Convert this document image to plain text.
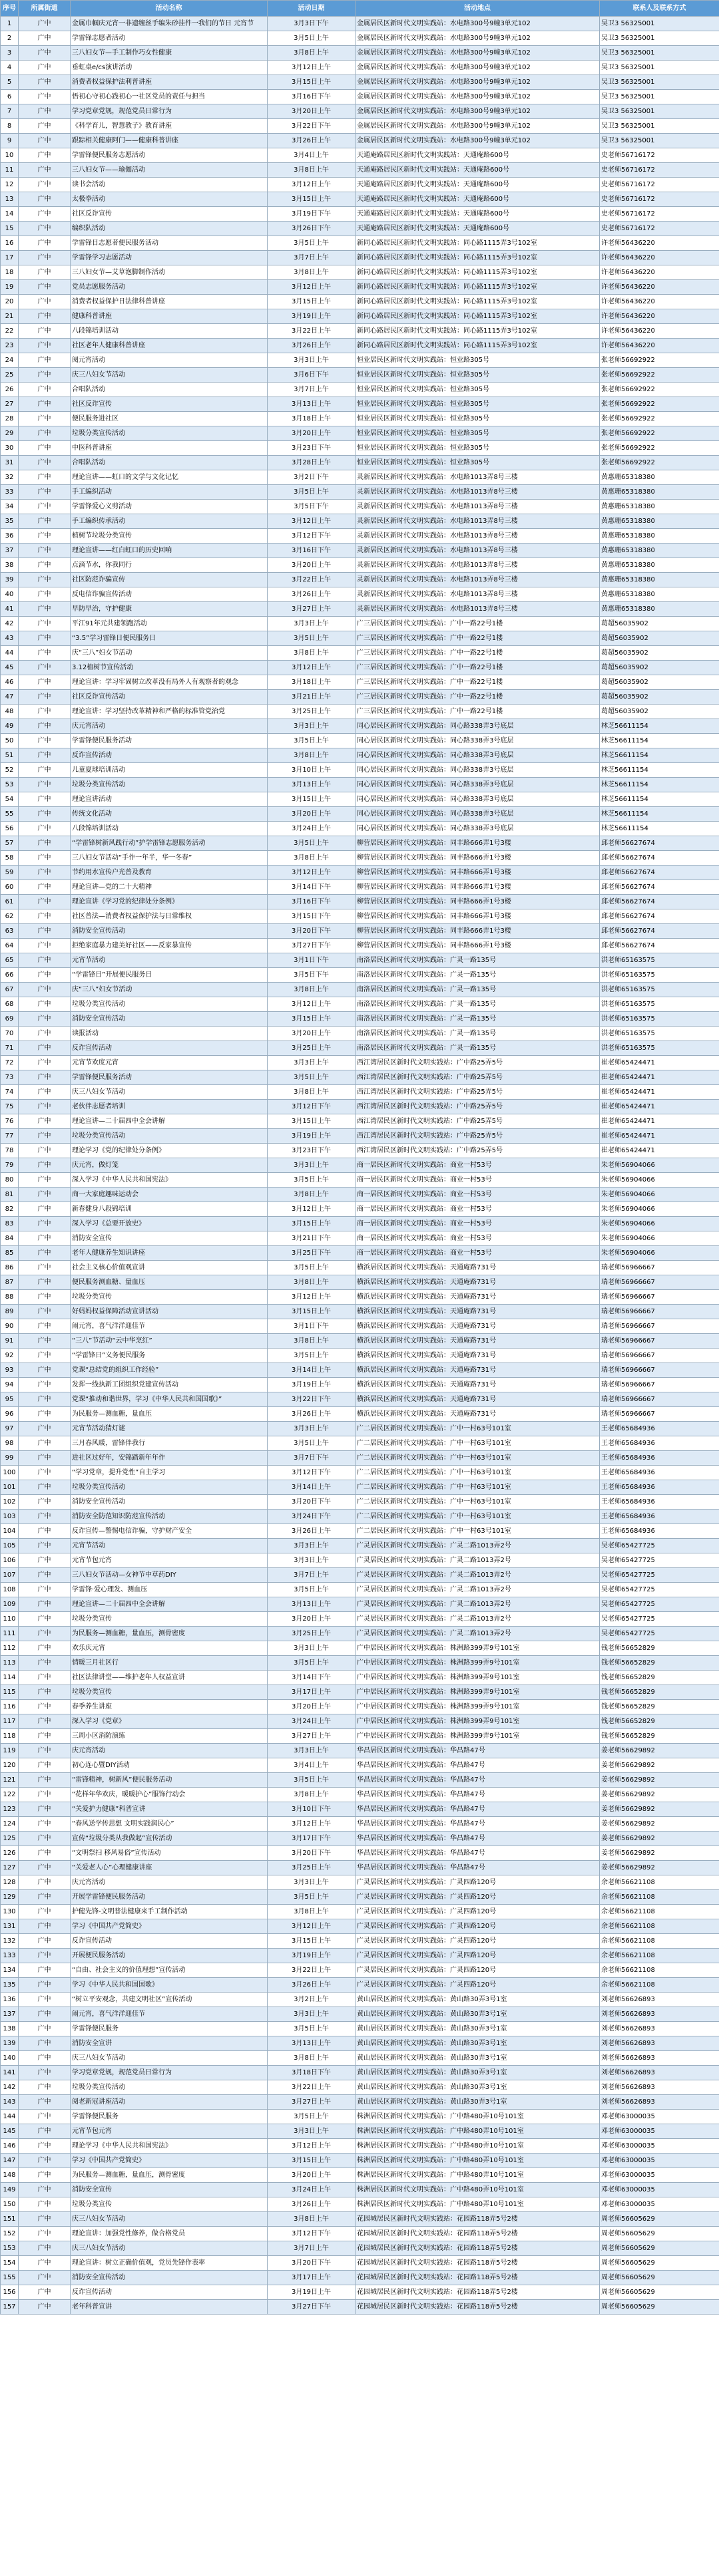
序号	所属街道	活动名称	活动日期	活动地点	联系人及联系方式
1	广中	金属巾帼庆元宵一非遗缠丝手编朱砂挂件一我们的节日 元宵节	3月3日下午	金属居民区新时代文明实践站：水电路300号9幢3单元102	吴卫3 56325001
2	广中	学雷锋志愿者活动	3月5日上午	金属居民区新时代文明实践站：水电路300号9幢3单元102	吴卫3 56325001
3	广中	三八妇女节—手工制作巧女性健康	3月8日上午	金属居民区新时代文明实践站：水电路300号9幢3单元102	吴卫3 56325001
4	广中	垂虹桌e/cs演讲活动	3月12日上午	金属居民区新时代文明实践站：水电路300号9幢3单元102	吴卫3 56325001
5	广中	消费者权益保护法利普讲座	3月15日上午	金属居民区新时代文明实践站：水电路300号9幢3单元102	吴卫3 56325001
6	广中	悟初心守初心践初心一社区党员的责任与担当	3月16日下午	金属居民区新时代文明实践站：水电路300号9幢3单元102	吴卫3 56325001
7	广中	学习党章党规，规范党员日常行为	3月20日上午	金属居民区新时代文明实践站：水电路300号9幢3单元102	吴卫3 56325001
8	广中	《科学育儿，智慧教子》教育讲座	3月22日下午	金属居民区新时代文明实践站：水电路300号9幢3单元102	吴卫3 56325001
9	广中	跟踪相关健康阿门——健康科普讲座	3月26日上午	金属居民区新时代文明实践站：水电路300号9幢3单元102	吴卫3 56325001
10	广中	学雷锋便民服务志愿活动	3月4日上午	天通庵路居民区新时代文明实践站：天通庵路600号	史老师56716172
11	广中	三八妇女节——瑜伽活动	3月8日上午	天通庵路居民区新时代文明实践站：天通庵路600号	史老师56716172
12	广中	读书会活动	3月12日上午	天通庵路居民区新时代文明实践站：天通庵路600号	史老师56716172
13	广中	太极拳活动	3月15日上午	天通庵路居民区新时代文明实践站：天通庵路600号	史老师56716172
14	广中	社区反诈宣传	3月19日下午	天通庵路居民区新时代文明实践站：天通庵路600号	史老师56716172
15	广中	编织队活动	3月26日下午	天通庵路居民区新时代文明实践站：天通庵路600号	史老师56716172
16	广中	学雷锋日志愿者便民服务活动	3月5日上午	新同心路居民区新时代文明实践站：同心路1115弄3号102室	许老师56436220
17	广中	学雷锋学习志愿活动	3月7日上午	新同心路居民区新时代文明实践站：同心路1115弄3号102室	许老师56436220
18	广中	三八妇女节—艾草泡脚制作活动	3月8日上午	新同心路居民区新时代文明实践站：同心路1115弄3号102室	许老师56436220
19	广中	党员志愿服务活动	3月12日上午	新同心路居民区新时代文明实践站：同心路1115弄3号102室	许老师56436220
20	广中	消费者权益保护日法律科普讲座	3月15日上午	新同心路居民区新时代文明实践站：同心路1115弄3号102室	许老师56436220
21	广中	健康科普讲座	3月19日上午	新同心路居民区新时代文明实践站：同心路1115弄3号102室	许老师56436220
22	广中	八段锦培训活动	3月22日上午	新同心路居民区新时代文明实践站：同心路1115弄3号102室	许老师56436220
23	广中	社区老年人健康科普讲座	3月26日上午	新同心路居民区新时代文明实践站：同心路1115弄3号102室	许老师56436220
24	广中	阅元宵活动	3月3日上午	恒业居民区新时代文明实践站：恒业路305号	张老师56692922
25	广中	庆三八妇女节活动	3月6日下午	恒业居民区新时代文明实践站：恒业路305号	张老师56692922
26	广中	合唱队活动	3月7日上午	恒业居民区新时代文明实践站：恒业路305号	张老师56692922
27	广中	社区反诈宣传	3月13日上午	恒业居民区新时代文明实践站：恒业路305号	张老师56692922
28	广中	便民服务进社区	3月18日上午	恒业居民区新时代文明实践站：恒业路305号	张老师56692922
29	广中	垃圾分类宣传活动	3月20日上午	恒业居民区新时代文明实践站：恒业路305号	张老师56692922
30	广中	中医科普讲座	3月23日下午	恒业居民区新时代文明实践站：恒业路305号	张老师56692922
31	广中	合唱队活动	3月28日上午	恒业居民区新时代文明实践站：恒业路305号	张老师56692922
32	广中	理论宣讲——虹口的文学与文化记忆	3月2日下午	灵新居民区新时代文明实践站：水电路1013弄8号三楼	黄惠珊65318380
33	广中	手工编织活动	3月5日上午	灵新居民区新时代文明实践站：水电路1013弄8号三楼	黄惠珊65318380
34	广中	学雷锋爱心义剪活动	3月5日下午	灵新居民区新时代文明实践站：水电路1013弄8号三楼	黄惠珊65318380
35	广中	手工编织传承活动	3月12日上午	灵新居民区新时代文明实践站：水电路1013弄8号三楼	黄惠珊65318380
36	广中	植树节垃圾分类宣传	3月12日下午	灵新居民区新时代文明实践站：水电路1013弄8号三楼	黄惠珊65318380
37	广中	理论宣讲——红白虹口的历史回响	3月16日下午	灵新居民区新时代文明实践站：水电路1013弄8号三楼	黄惠珊65318380
38	广中	点滴节水，你我同行	3月20日上午	灵新居民区新时代文明实践站：水电路1013弄8号三楼	黄惠珊65318380
39	广中	社区防范诈骗宣传	3月22日上午	灵新居民区新时代文明实践站：水电路1013弄8号三楼	黄惠珊65318380
40	广中	反电信诈骗宣传活动	3月26日上午	灵新居民区新时代文明实践站：水电路1013弄8号三楼	黄惠珊65318380
41	广中	早防早治，守护健康	3月27日上午	灵新居民区新时代文明实践站：水电路1013弄8号三楼	黄惠珊65318380
42	广中	平江91年元共建领跑活动	3月3日上午	广三居民区新时代文明实践站：广中一路22号1楼	葛超56035902
43	广中	“3.5”学习雷锋日便民服务日	3月5日上午	广三居民区新时代文明实践站：广中一路22号1楼	葛超56035902
44	广中	庆“三八”妇女节活动	3月8日上午	广三居民区新时代文明实践站：广中一路22号1楼	葛超56035902
45	广中	3.12植树节宣传活动	3月12日上午	广三居民区新时代文明实践站：广中一路22号1楼	葛超56035902
46	广中	理论宣讲：学习牢固树立改革没有局外人有观察者的观念	3月18日上午	广三居民区新时代文明实践站：广中一路22号1楼	葛超56035902
47	广中	社区反诈宣传活动	3月21日上午	广三居民区新时代文明实践站：广中一路22号1楼	葛超56035902
48	广中	理论宣讲：学习坚持改革精神和严格的标准管党治党	3月25日上午	广三居民区新时代文明实践站：广中一路22号1楼	葛超56035902
49	广中	庆元宵活动	3月3日上午	同心居民区新时代文明实践站：同心路338弄3号底层	林芝56611154
50	广中	学雷锋便民服务活动	3月5日上午	同心居民区新时代文明实践站：同心路338弄3号底层	林芝56611154
51	广中	反诈宣传活动	3月8日上午	同心居民区新时代文明实践站：同心路338弄3号底层	林芝56611154
52	广中	儿童夏球培训活动	3月10日上午	同心居民区新时代文明实践站：同心路338弄3号底层	林芝56611154
53	广中	垃圾分类宣传活动	3月13日上午	同心居民区新时代文明实践站：同心路338弄3号底层	林芝56611154
54	广中	理论宣讲活动	3月15日上午	同心居民区新时代文明实践站：同心路338弄3号底层	林芝56611154
55	广中	传统文化活动	3月20日上午	同心居民区新时代文明实践站：同心路338弄3号底层	林芝56611154
56	广中	八段锦培训活动	3月24日上午	同心居民区新时代文明实践站：同心路338弄3号底层	林芝56611154
57	广中	“学雷锋树新风践行动”护学雷锋志愿服务活动	3月5日上午	柳营居民区新时代文明实践站：同丰路666弄1号3楼	邱老师56627674
58	广中	三八妇女节活动“手作一年半，华一冬春”	3月8日上午	柳营居民区新时代文明实践站：同丰路666弄1号3楼	邱老师56627674
59	广中	节约用水宣传户光普及教育	3月12日上午	柳营居民区新时代文明实践站：同丰路666弄1号3楼	邱老师56627674
60	广中	理论宣讲—党的二十大精神	3月14日下午	柳营居民区新时代文明实践站：同丰路666弄1号3楼	邱老师56627674
61	广中	理论宣讲《学习党的纪律处分条例》	3月16日下午	柳营居民区新时代文明实践站：同丰路666弄1号3楼	邱老师56627674
62	广中	社区普法—消费者权益保护法与日常维权	3月15日下午	柳营居民区新时代文明实践站：同丰路666弄1号3楼	邱老师56627674
63	广中	消防安全宣传活动	3月20日下午	柳营居民区新时代文明实践站：同丰路666弄1号3楼	邱老师56627674
64	广中	拒绝家庭暴力建美好社区——反家暴宣传	3月27日下午	柳营居民区新时代文明实践站：同丰路666弄1号3楼	邱老师56627674
65	广中	元宵节活动	3月1日下午	南洛居民区新时代文明实践站：广灵一路135号	洪老师65163575
66	广中	“学雷锋日”开展便民服务日	3月5日下午	南洛居民区新时代文明实践站：广灵一路135号	洪老师65163575
67	广中	庆“三八”妇女节活动	3月8日上午	南洛居民区新时代文明实践站：广灵一路135号	洪老师65163575
68	广中	垃圾分类宣传活动	3月12日上午	南洛居民区新时代文明实践站：广灵一路135号	洪老师65163575
69	广中	消防安全宣传活动	3月15日上午	南洛居民区新时代文明实践站：广灵一路135号	洪老师65163575
70	广中	读报活动	3月20日上午	南洛居民区新时代文明实践站：广灵一路135号	洪老师65163575
71	广中	反诈宣传活动	3月25日上午	南洛居民区新时代文明实践站：广灵一路135号	洪老师65163575
72	广中	元宵节欢度元宵	3月3日上午	西江湾居民区新时代文明实践站：广中路25弄5号	崔老师65424471
73	广中	学雷锋便民服务活动	3月5日上午	西江湾居民区新时代文明实践站：广中路25弄5号	崔老师65424471
74	广中	庆三八妇女节活动	3月8日上午	西江湾居民区新时代文明实践站：广中路25弄5号	崔老师65424471
75	广中	老伙伴志愿者培训	3月12日下午	西江湾居民区新时代文明实践站：广中路25弄5号	崔老师65424471
76	广中	理论宣讲—二十届四中全会讲解	3月15日上午	西江湾居民区新时代文明实践站：广中路25弄5号	崔老师65424471
77	广中	垃圾分类宣传活动	3月19日上午	西江湾居民区新时代文明实践站：广中路25弄5号	崔老师65424471
78	广中	理论学习《党的纪律处分条例》	3月23日下午	西江湾居民区新时代文明实践站：广中路25弄5号	崔老师65424471
79	广中	庆元宵，做灯笼	3月3日上午	商一居民区新时代文明实践站：商业一村53号	朱老师56904066
80	广中	深入学习《中华人民共和国宪法》	3月5日上午	商一居民区新时代文明实践站：商业一村53号	朱老师56904066
81	广中	商一大家庭趣味运动会	3月8日上午	商一居民区新时代文明实践站：商业一村53号	朱老师56904066
82	广中	新春健身八段锦培训	3月12日上午	商一居民区新时代文明实践站：商业一村53号	朱老师56904066
83	广中	深入学习《总要开放史》	3月15日上午	商一居民区新时代文明实践站：商业一村53号	朱老师56904066
84	广中	消防安全宣传	3月21日下午	商一居民区新时代文明实践站：商业一村53号	朱老师56904066
85	广中	老年人健康养生知识讲座	3月25日下午	商一居民区新时代文明实践站：商业一村53号	朱老师56904066
86	广中	社会主义核心价值观宣讲	3月5日上午	横浜居民区新时代文明实践站：天通庵路731号	瑞老师56966667
87	广中	便民服务测血糖、量血压	3月8日上午	横浜居民区新时代文明实践站：天通庵路731号	瑞老师56966667
88	广中	垃圾分类宣传	3月12日上午	横浜居民区新时代文明实践站：天通庵路731号	瑞老师56966667
89	广中	好妈妈权益保障活动宣讲活动	3月15日上午	横浜居民区新时代文明实践站：天通庵路731号	瑞老师56966667
90	广中	闹元宵，喜气洋洋迎佳节	3月1日下午	横浜居民区新时代文明实践站：天通庵路731号	瑞老师56966667
91	广中	“三八”节活动“云中华烹红”	3月8日上午	横浜居民区新时代文明实践站：天通庵路731号	瑞老师56966667
92	广中	“学雷锋日”义务便民服务	3月5日上午	横浜居民区新时代文明实践站：天通庵路731号	瑞老师56966667
93	广中	党课“总结党的组织工作经验”	3月14日上午	横浜居民区新时代文明实践站：天通庵路731号	瑞老师56966667
94	广中	发挥一线执新工团组织党建宣传活动	3月19日上午	横浜居民区新时代文明实践站：天通庵路731号	瑞老师56966667
95	广中	党课“推动和谐世界，学习《中华人民共和国国歌》”	3月22日下午	横浜居民区新时代文明实践站：天通庵路731号	瑞老师56966667
96	广中	为民服务—测血糖，量血压	3月26日上午	横浜居民区新时代文明实践站：天通庵路731号	瑞老师56966667
97	广中	元宵节活动猜灯谜	3月3日上午	广二居民区新时代文明实践站：广中一村63号101室	王老师65684936
98	广中	三月春风暖，雷锋伴我行	3月5日上午	广二居民区新时代文明实践站：广中一村63号101室	王老师65684936
99	广中	进社区过好年，安锦踏新年年作	3月7日下午	广二居民区新时代文明实践站：广中一村63号101室	王老师65684936
100	广中	“学习党章，提升党性”自主学习	3月12日下午	广二居民区新时代文明实践站：广中一村63号101室	王老师65684936
101	广中	垃圾分类宣传活动	3月14日上午	广二居民区新时代文明实践站：广中一村63号101室	王老师65684936
102	广中	消防安全宣传活动	3月20日下午	广二居民区新时代文明实践站：广中一村63号101室	王老师65684936
103	广中	消防安全防范知识防范宣传活动	3月24日下午	广二居民区新时代文明实践站：广中一村63号101室	王老师65684936
104	广中	反诈宣传—警惕电信诈骗，守护财产安全	3月26日上午	广二居民区新时代文明实践站：广中一村63号101室	王老师65684936
105	广中	元宵节活动	3月3日上午	广灵居民区新时代文明实践站：广灵二路1013弄2号	吴老师65427725
106	广中	元宵节包元宵	3月3日上午	广灵居民区新时代文明实践站：广灵二路1013弄2号	吴老师65427725
107	广中	三八妇女节活动—女神节中草药DIY	3月7日上午	广灵居民区新时代文明实践站：广灵二路1013弄2号	吴老师65427725
108	广中	学雷锋·爱心理发、测血压	3月5日上午	广灵居民区新时代文明实践站：广灵二路1013弄2号	吴老师65427725
109	广中	理论宣讲—二十届四中全会讲解	3月13日上午	广灵居民区新时代文明实践站：广灵二路1013弄2号	吴老师65427725
110	广中	垃圾分类宣传	3月20日上午	广灵居民区新时代文明实践站：广灵二路1013弄2号	吴老师65427725
111	广中	为民服务—测血糖，量血压，测骨密度	3月25日上午	广灵居民区新时代文明实践站：广灵二路1013弄2号	吴老师65427725
112	广中	欢乐庆元宵	3月3日上午	广中居民区新时代文明实践站：株洲路399弄9号101室	钱老师56652829
113	广中	情暖三月社区行	3月5日上午	广中居民区新时代文明实践站：株洲路399弄9号101室	钱老师56652829
114	广中	社区法律讲堂——维护老年人权益宣讲	3月14日下午	广中居民区新时代文明实践站：株洲路399弄9号101室	钱老师56652829
115	广中	垃圾分类宣传	3月17日上午	广中居民区新时代文明实践站：株洲路399弄9号101室	钱老师56652829
116	广中	春季养生讲座	3月20日上午	广中居民区新时代文明实践站：株洲路399弄9号101室	钱老师56652829
117	广中	深入学习《党章》	3月24日上午	广中居民区新时代文明实践站：株洲路399弄9号101室	钱老师56652829
118	广中	三周小区消防演练	3月27日上午	广中居民区新时代文明实践站：株洲路399弄9号101室	钱老师56652829
119	广中	庆元宵活动	3月3日上午	华昌居民区新时代文明实践站：华昌路47号	姜老师56629892
120	广中	初心连心暨DIY活动	3月4日上午	华昌居民区新时代文明实践站：华昌路47号	姜老师56629892
121	广中	“雷锋精神，树新风”便民服务活动	3月5日上午	华昌居民区新时代文明实践站：华昌路47号	姜老师56629892
122	广中	“花样年华欢庆，暖暖护心”服饰行动会	3月8日上午	华昌居民区新时代文明实践站：华昌路47号	姜老师56629892
123	广中	“关爱护力健康”科普宣讲	3月10日下午	华昌居民区新时代文明实践站：华昌路47号	姜老师56629892
124	广中	“春风送学传思想 文明实践润民心”	3月12日上午	华昌居民区新时代文明实践站：华昌路47号	姜老师56629892
125	广中	宣传“垃圾分类从我做起”宣传活动	3月17日下午	华昌居民区新时代文明实践站：华昌路47号	姜老师56629892
126	广中	“文明祭扫 移风易俗”宣传活动	3月20日下午	华昌居民区新时代文明实践站：华昌路47号	姜老师56629892
127	广中	“关爱老人心”心理健康讲座	3月25日上午	华昌居民区新时代文明实践站：华昌路47号	姜老师56629892
128	广中	庆元宵活动	3月3日上午	广灵居民区新时代文明实践站：广灵四路120号	余老师56621108
129	广中	开展学雷锋便民服务活动	3月5日上午	广灵居民区新时代文明实践站：广灵四路120号	余老师56621108
130	广中	护健先锋-文明普法健康来手工制作活动	3月8日上午	广灵居民区新时代文明实践站：广灵四路120号	余老师56621108
131	广中	学习《中国共产党简史》	3月12日上午	广灵居民区新时代文明实践站：广灵四路120号	余老师56621108
132	广中	反诈宣传活动	3月15日上午	广灵居民区新时代文明实践站：广灵四路120号	余老师56621108
133	广中	开展便民服务活动	3月19日上午	广灵居民区新时代文明实践站：广灵四路120号	余老师56621108
134	广中	“自由、社会主义的价值理想”宣传活动	3月22日上午	广灵居民区新时代文明实践站：广灵四路120号	余老师56621108
135	广中	学习《中华人民共和国国歌》	3月26日上午	广灵居民区新时代文明实践站：广灵四路120号	余老师56621108
136	广中	“树立平安观念，共建文明社区”宣传活动	3月2日上午	黄山居民区新时代文明实践站：黄山路30弄3号1室	刘老师56626893
137	广中	闹元宵，喜气洋洋迎佳节	3月3日上午	黄山居民区新时代文明实践站：黄山路30弄3号1室	刘老师56626893
138	广中	学雷锋便民服务	3月5日上午	黄山居民区新时代文明实践站：黄山路30弄3号1室	刘老师56626893
139	广中	消防安全宣讲	3月13日上午	黄山居民区新时代文明实践站：黄山路30弄3号1室	刘老师56626893
140	广中	庆三八妇女节活动	3月8日上午	黄山居民区新时代文明实践站：黄山路30弄3号1室	刘老师56626893
141	广中	学习党章党规，规范党员日常行为	3月18日下午	黄山居民区新时代文明实践站：黄山路30弄3号1室	刘老师56626893
142	广中	垃圾分类宣传活动	3月22日上午	黄山居民区新时代文明实践站：黄山路30弄3号1室	刘老师56626893
143	广中	阅老新冠讲座活动	3月27日上午	黄山居民区新时代文明实践站：黄山路30弄3号1室	刘老师56626893
144	广中	学雷锋便民服务	3月5日上午	株洲居民区新时代文明实践站：广中路480弄10号101室	邓老师63000035
145	广中	元宵节包元宵	3月3日上午	株洲居民区新时代文明实践站：广中路480弄10号101室	邓老师63000035
146	广中	理论学习《中华人民共和国宪法》	3月12日上午	株洲居民区新时代文明实践站：广中路480弄10号101室	邓老师63000035
147	广中	学习《中国共产党简史》	3月15日上午	株洲居民区新时代文明实践站：广中路480弄10号101室	邓老师63000035
148	广中	为民服务—测血糖，量血压，测骨密度	3月20日上午	株洲居民区新时代文明实践站：广中路480弄10号101室	邓老师63000035
149	广中	消防安全宣传	3月24日上午	株洲居民区新时代文明实践站：广中路480弄10号101室	邓老师63000035
150	广中	垃圾分类宣传	3月26日上午	株洲居民区新时代文明实践站：广中路480弄10号101室	邓老师63000035
151	广中	庆三八妇女节活动	3月8日上午	花园城居民区新时代文明实践站：花园路118弄5号2楼	周老师56605629
152	广中	理论宣讲：加强党性修养，做合格党员	3月12日下午	花园城居民区新时代文明实践站：花园路118弄5号2楼	周老师56605629
153	广中	庆三八妇女节活动	3月7日上午	花园城居民区新时代文明实践站：花园路118弄5号2楼	周老师56605629
154	广中	理论宣讲：树立正确价值观，党员先锋作表率	3月20日下午	花园城居民区新时代文明实践站：花园路118弄5号2楼	周老师56605629
155	广中	消防安全宣传活动	3月17日上午	花园城居民区新时代文明实践站：花园路118弄5号2楼	周老师56605629
156	广中	反诈宣传活动	3月19日上午	花园城居民区新时代文明实践站：花园路118弄5号2楼	周老师56605629
157	广中	老年科普宣讲	3月27日下午	花园城居民区新时代文明实践站：花园路118弄5号2楼	周老师56605629
